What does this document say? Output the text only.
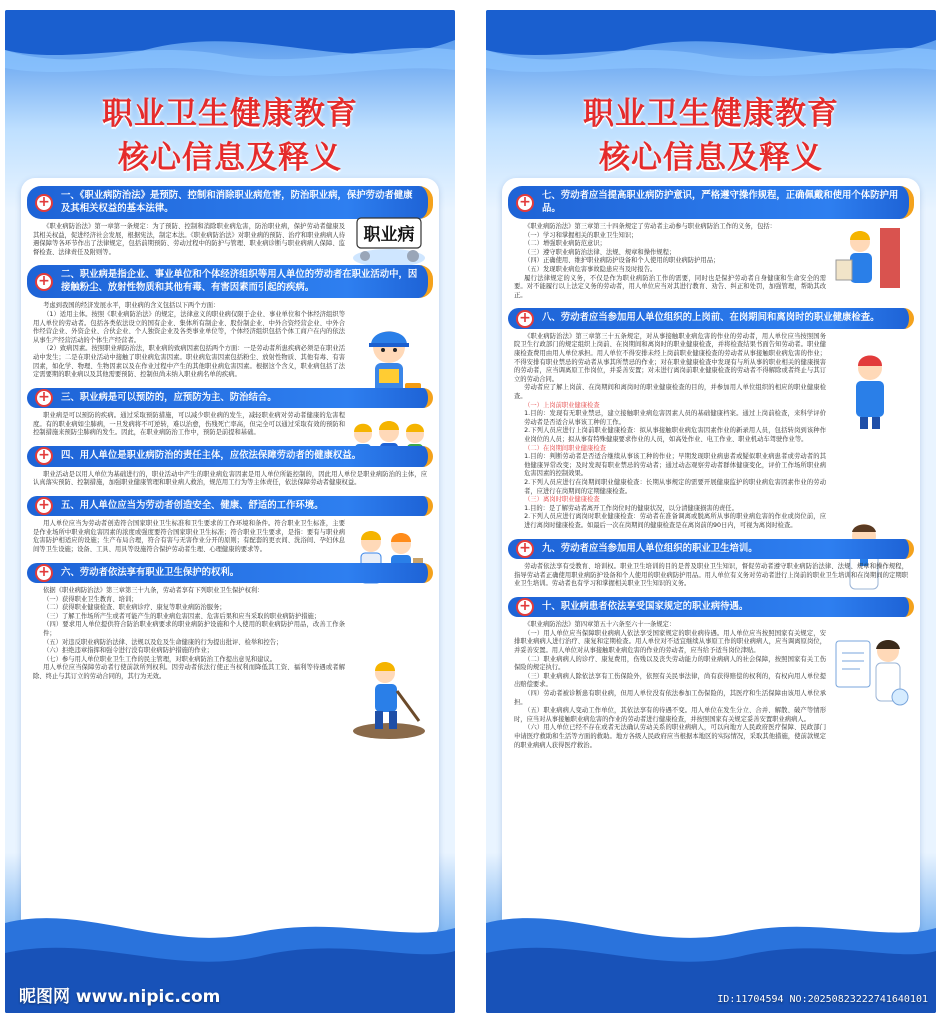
职业卫生健康教育
核心信息及释义
+	一、《职业病防治法》是预防、控制和消除职业病危害，防治职业病，保护劳动者健康及其相关权益的基本法律。

《职业病防治法》第一章第一条规定：为了预防、控制和消除职业病危害，防治职业病，保护劳动者健康及其相关权益，促进经济社会发展，根据宪法，制定本法。《职业病防治法》对职业病的预防、治疗和职业病病人待遇保障等各环节作出了法律规定，包括前期预防、劳动过程中的防护与管理、职业病诊断与职业病病人保障、监督检查、法律责任及附则等。

职业病
+	二、职业病是指企业、事业单位和个体经济组织等用人单位的劳动者在职业活动中，因接触粉尘、放射性物质和其他有毒、有害因素而引起的疾病。

考虑到我国的经济发展水平，职业病的含义包括以下两个方面：

（1）适用主体。按照《职业病防治法》的规定，法律意义的职业病仅限于企业、事业单位和个体经济组织等用人单位的劳动者。包括各类依法设立的国有企业、集体所有制企业、股份制企业、中外合资经营企业、中外合作经营企业、外资企业、合伙企业、个人独资企业及各类事业单位等，个体经济组织包括个体工商户在内的依法从事生产经营活动的个体生产经营者。

（2）致病因素。按照职业病防治法，职业病的致病因素包括两个方面：一是劳动者所患疾病必须是在职业活动中发生；二是在职业活动中接触了职业病危害因素。职业病危害因素包括粉尘、放射性物质、其他有毒、有害因素，如化学、物理、生物因素以及在作业过程中产生的其他职业病危害因素。根据这个含义，职业病包括了法定需要期的职业病以及其他需要预防、控制但尚未纳入职业病名单的疾病。

+	三、职业病是可以预防的，应预防为主、防治结合。

职业病是可以预防的疾病。通过采取预防措施，可以减少职业病的发生，减轻职业病对劳动者健康的危害程度。有的职业病如尘肺病，一旦发病将不可逆转，难以治愈，伤残死亡率高，但完全可以通过采取有效的预防和控制措施来预防尘肺病的发生。因此，在职业病防治工作中，预防是前提和基础。

+	四、用人单位是职业病防治的责任主体，应依法保障劳动者的健康权益。

职业活动是以用人单位为基础进行的，职业活动中产生的职业病危害因素是用人单位所能控制的，因此用人单位是职业病防治的主体，应认真落实预防、控制措施，加强职业健康管理和职业病人救治，规范用工行为等主体责任，依法保障劳动者健康权益。

+	五、用人单位应当为劳动者创造安全、健康、舒适的工作环境。

用人单位应当为劳动者创造符合国家职业卫生标准和卫生要求的工作环境和条件。符合职业卫生标准，主要是作业场所中职业病危害因素的浓度或强度要符合国家职业卫生标准；符合职业卫生要求，是指：要有与职业病危害防护相适应的设施；生产布局合理，符合有害与无害作业分开的原则；有配套的更衣间、洗浴间、孕妇休息间等卫生设施；设备、工具、用具等设施符合保护劳动者生理、心理健康的要求等。

+	六、劳动者依法享有职业卫生保护的权利。

依据《职业病防治法》第三章第三十九条，劳动者享有下列职业卫生保护权利：

（一）获得职业卫生教育、培训；

（二）获得职业健康检查、职业病诊疗、康复等职业病防治服务；

（三）了解工作场所产生或者可能产生的职业病危害因素、危害后果和应当采取的职业病防护措施；

（四）要求用人单位提供符合防治职业病要求的职业病防护设施和个人使用的职业病防护用品，改善工作条件；

（五）对违反职业病防治法律、法规以及危及生命健康的行为提出批评、检举和控告；

（六）拒绝违章指挥和强令进行没有职业病防护措施的作业；

（七）参与用人单位职业卫生工作的民主管理，对职业病防治工作提出意见和建议。

用人单位应当保障劳动者行使前款所列权利。因劳动者依法行使正当权利而降低其工资、福利等待遇或者解除、终止与其订立的劳动合同的，其行为无效。

昵图网 www.nipic.com
职业卫生健康教育
核心信息及释义
+	七、劳动者应当提高职业病防护意识，严格遵守操作规程，正确佩戴和使用个体防护用品。

《职业病防治法》第三章第三十四条规定了劳动者主动参与职业病防治工作的义务，包括：

（一）学习和掌握相关的职业卫生知识；

（二）增强职业病防范意识；

（三）遵守职业病防治法律、法规、规章和操作规程；

（四）正确使用、维护职业病防护设备和个人使用的职业病防护用品；

（五）发现职业病危害事故隐患应当及时报告。

履行法律规定的义务，不仅是作为职业病防治工作的需要，同时也是保护劳动者自身健康和生命安全的需要。对不能履行以上法定义务的劳动者，用人单位应当对其进行教育、劝告、纠正和处罚，加强管理，帮助其改正。

+	八、劳动者应当参加用人单位组织的上岗前、在岗期间和离岗时的职业健康检查。

《职业病防治法》第三章第三十五条规定，对从事接触职业病危害的作业的劳动者，用人单位应当按照国务院卫生行政部门的规定组织上岗前、在岗期间和离岗时的职业健康检查，并将检查结果书面告知劳动者。职业健康检查费用由用人单位承担。用人单位不得安排未经上岗前职业健康检查的劳动者从事接触职业病危害的作业；不得安排有职业禁忌的劳动者从事其所禁忌的作业；对在职业健康检查中发现有与所从事的职业相关的健康损害的劳动者，应当调离原工作岗位，并妥善安置；对未进行离岗前职业健康检查的劳动者不得解除或者终止与其订立的劳动合同。

劳动者应了解上岗前、在岗期间和离岗时的职业健康检查的目的，并参加用人单位组织的相应的职业健康检查。

（一）上岗前职业健康检查

1.目的：发现有无职业禁忌，建立接触职业病危害因素人员的基础健康档案。通过上岗前检查，来科学评价劳动者是否适合从事该工种的工作。

2.下列人员应进行上岗前职业健康检查：拟从事接触职业病危害因素作业的新录用人员，包括转岗到该种作业岗位的人员；拟从事有特殊健康要求作业的人员，如高处作业、电工作业、职业机动车驾驶作业等。

（二）在岗期间职业健康检查

1.目的：判断劳动者是否适合继续从事该工种的作业；早期发现职业病患者或疑似职业病患者或劳动者的其他健康异常改变；及时发现有职业禁忌的劳动者；通过动态观察劳动者群体健康变化，评价工作场所职业病危害因素的控制效果。

2.下列人员应进行在岗期间职业健康检查：长期从事规定的需要开展健康监护的职业病危害因素作业的劳动者，应进行在岗期间的定期健康检查。

（三）离岗时职业健康检查

1.目的：是了解劳动者离开工作岗位时的健康状况，以分清健康损害的责任。

2.下列人员应进行离岗时职业健康检查：劳动者在准备调离或脱离所从事的职业病危害的作业或岗位前，应进行离岗时健康检查。如最后一次在岗期间的健康检查是在离岗前的90日内，可视为离岗时检查。

+	九、劳动者应当参加用人单位组织的职业卫生培训。

劳动者依法享有受教育、培训权。职业卫生培训的目的是普及职业卫生知识，督促劳动者遵守职业病防治法律、法规、规章和操作规程，指导劳动者正确使用职业病防护设备和个人使用的职业病防护用品。用人单位有义务对劳动者进行上岗前的职业卫生培训和在岗期间的定期职业卫生培训。劳动者也有学习和掌握相关职业卫生知识的义务。

+	十、职业病患者依法享受国家规定的职业病待遇。

《职业病防治法》第四章第五十六条至六十一条规定：

（一）用人单位应当保障职业病病人依法享受国家规定的职业病待遇。用人单位应当按照国家有关规定，安排职业病病人进行治疗、康复和定期检查。用人单位对不适宜继续从事原工作的职业病病人，应当调离原岗位，并妥善安置。用人单位对从事接触职业病危害的作业的劳动者，应当给予适当岗位津贴。

（二）职业病病人的诊疗、康复费用，伤残以及丧失劳动能力的职业病病人的社会保障，按照国家有关工伤保险的规定执行。

（三）职业病病人除依法享有工伤保险外，依照有关民事法律，尚有获得赔偿的权利的，有权向用人单位提出赔偿要求。

（四）劳动者被诊断患有职业病，但用人单位没有依法参加工伤保险的，其医疗和生活保障由该用人单位承担。

（五）职业病病人变动工作单位，其依法享有的待遇不变。用人单位在发生分立、合并、解散、破产等情形时，应当对从事接触职业病危害的作业的劳动者进行健康检查，并按照国家有关规定妥善安置职业病病人。

（六）用人单位已经不存在或者无法确认劳动关系的职业病病人，可以向地方人民政府医疗保障、民政部门申请医疗救助和生活等方面的救助。地方各级人民政府应当根据本地区的实际情况，采取其他措施，使前款规定的职业病病人获得医疗救治。

ID:11704594 NO:20250823222741640101
